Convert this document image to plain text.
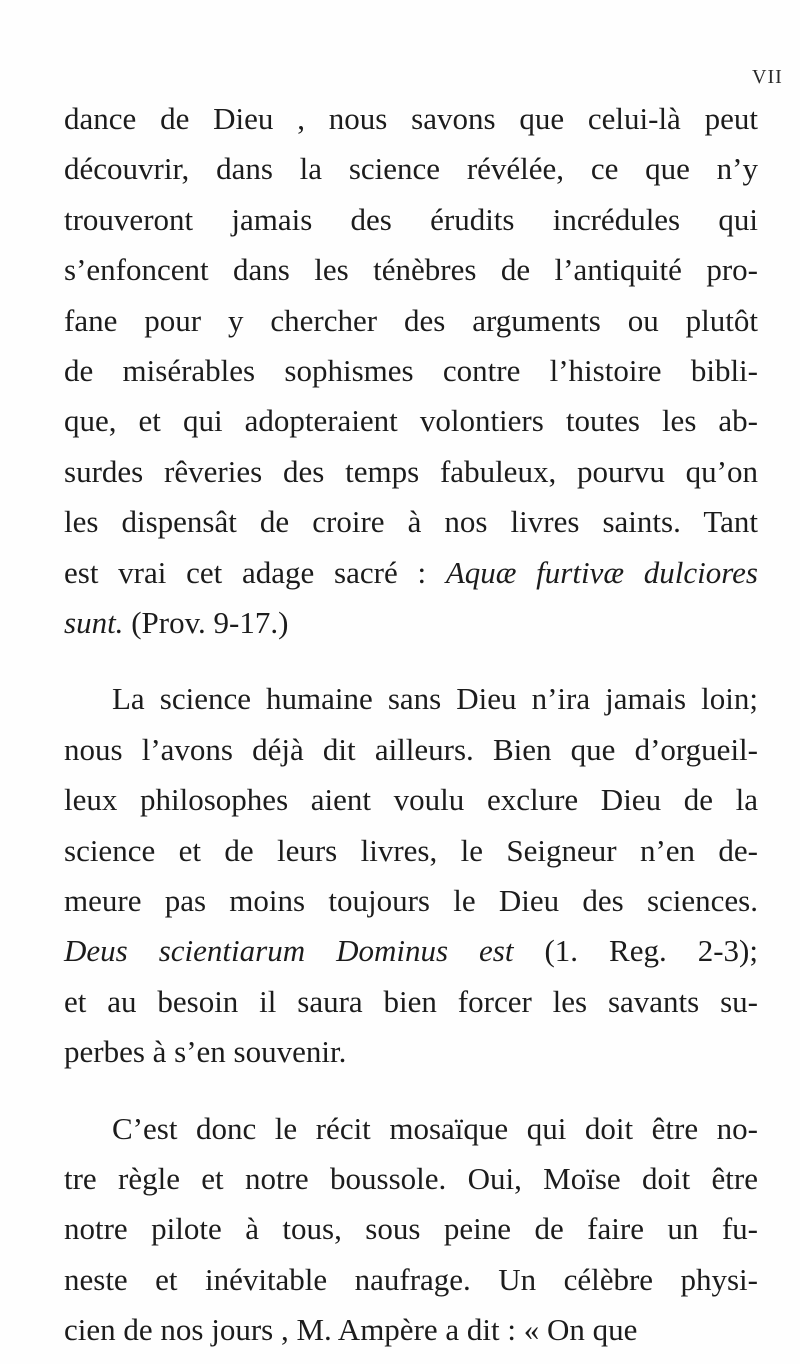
VII
dance de Dieu , nous savons que celui-là peut
découvrir, dans la science révélée, ce que n’y
trouveront jamais des érudits incrédules qui
s’enfoncent dans les ténèbres de l’antiquité pro-
fane pour y chercher des arguments ou plutôt
de misérables sophismes contre l’histoire bibli-
que, et qui adopteraient volontiers toutes les ab-
surdes rêveries des temps fabuleux, pourvu qu’on
les dispensât de croire à nos livres saints. Tant
est vrai cet adage sacré : Aquæ furtivæ dulciores
sunt. (Prov. 9-17.)
La science humaine sans Dieu n’ira jamais loin;
nous l’avons déjà dit ailleurs. Bien que d’orgueil-
leux philosophes aient voulu exclure Dieu de la
science et de leurs livres, le Seigneur n’en de-
meure pas moins toujours le Dieu des sciences.
Deus scientiarum Dominus est (1. Reg. 2-3);
et au besoin il saura bien forcer les savants su-
perbes à s’en souvenir.
C’est donc le récit mosaïque qui doit être no-
tre règle et notre boussole. Oui, Moïse doit être
notre pilote à tous, sous peine de faire un fu-
neste et inévitable naufrage. Un célèbre physi-
cien de nos jours , M. Ampère a dit : « On que
